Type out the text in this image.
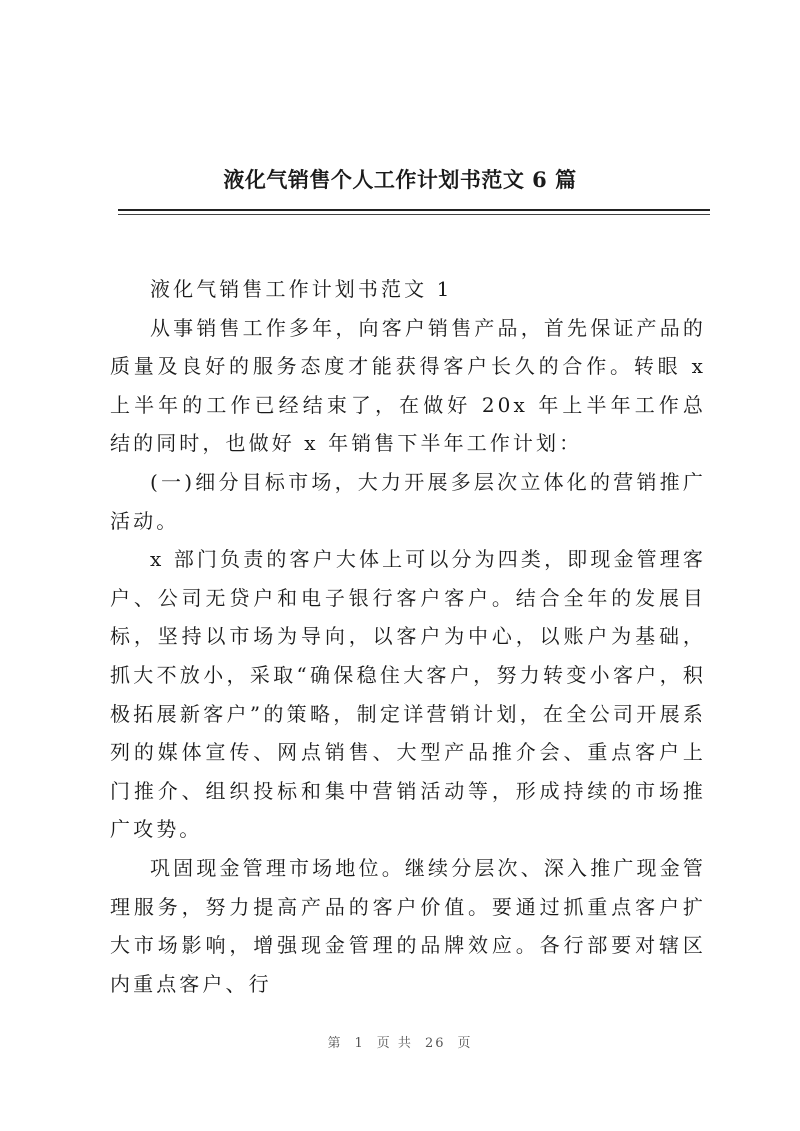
液化气销售个人工作计划书范文 6 篇

液化气销售工作计划书范文 1

从事销售工作多年，向客户销售产品，首先保证产品的质量及良好的服务态度才能获得客户长久的合作。转眼 x 上半年的工作已经结束了，在做好 20x 年上半年工作总结的同时，也做好 x 年销售下半年工作计划：

(一)细分目标市场，大力开展多层次立体化的营销推广活动。

x 部门负责的客户大体上可以分为四类，即现金管理客户、公司无贷户和电子银行客户客户。结合全年的发展目标，坚持以市场为导向，以客户为中心，以账户为基础，抓大不放小，采取“确保稳住大客户，努力转变小客户，积极拓展新客户”的策略，制定详营销计划，在全公司开展系列的媒体宣传、网点销售、大型产品推介会、重点客户上门推介、组织投标和集中营销活动等，形成持续的市场推广攻势。

巩固现金管理市场地位。继续分层次、深入推广现金管理服务，努力提高产品的客户价值。要通过抓重点客户扩大市场影响，增强现金管理的品牌效应。各行部要对辖区内重点客户、行

第 1 页 共 26 页
